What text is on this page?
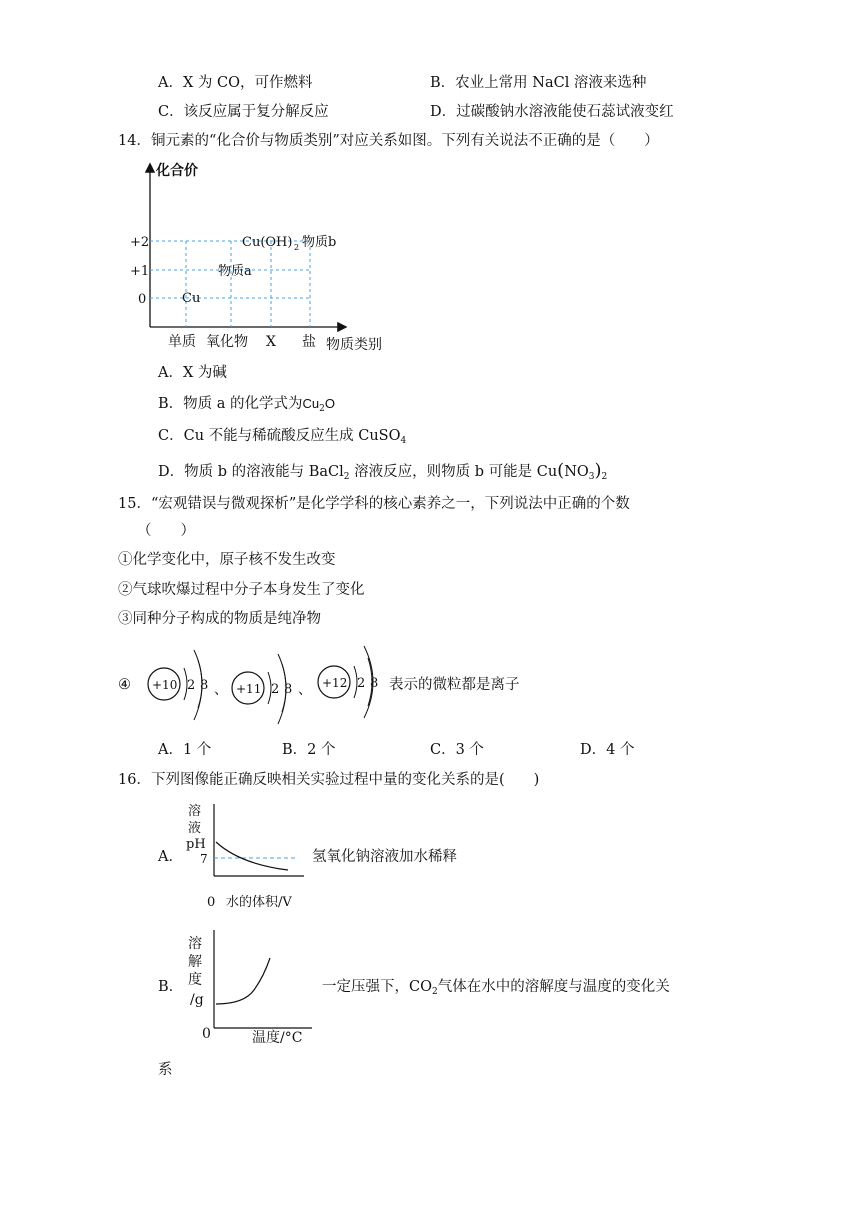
A．X 为 CO，可作燃料	B．农业上常用 NaCl 溶液来选种
C．该反应属于复分解反应	D．过碳酸钠水溶液能使石蕊试液变红
14．铜元素的“化合价与物质类别”对应关系如图。下列有关说法不正确的是（　　）
化合价
+2
+1
0	Cu
物质a
Cu(OH) 2 物质b
单质 氧化物 X 盐 物质类别
A．X 为碱
B．物质 a 的化学式为$Cu_2O$
C．Cu 不能与稀硫酸反应生成 CuSO$_4$
D．物质 b 的溶液能与 BaCl$_2$ 溶液反应，则物质 b 可能是 $Cu(NO_3)_2$
15．“宏观错误与微观探析”是化学学科的核心素养之一，下列说法中正确的个数
（　　）
①化学变化中，原子核不发生改变
②气球吹爆过程中分子本身发生了变化
③同种分子构成的物质是纯净物
④ +10 2 8 、 +11 2 8 、 +12 2 8 表示的微粒都是离子
A．1 个	B．2 个	C．3 个	D．4 个
16．下列图像能正确反映相关实验过程中量的变化关系的是(　　)
A．
溶
液
pH
7
0 水的体积/V
氢氧化钠溶液加水稀释
B．
溶
解
度
/g
0	温度/°C
一定压强下，$CO_2$气体在水中的溶解度与温度的变化关
系
